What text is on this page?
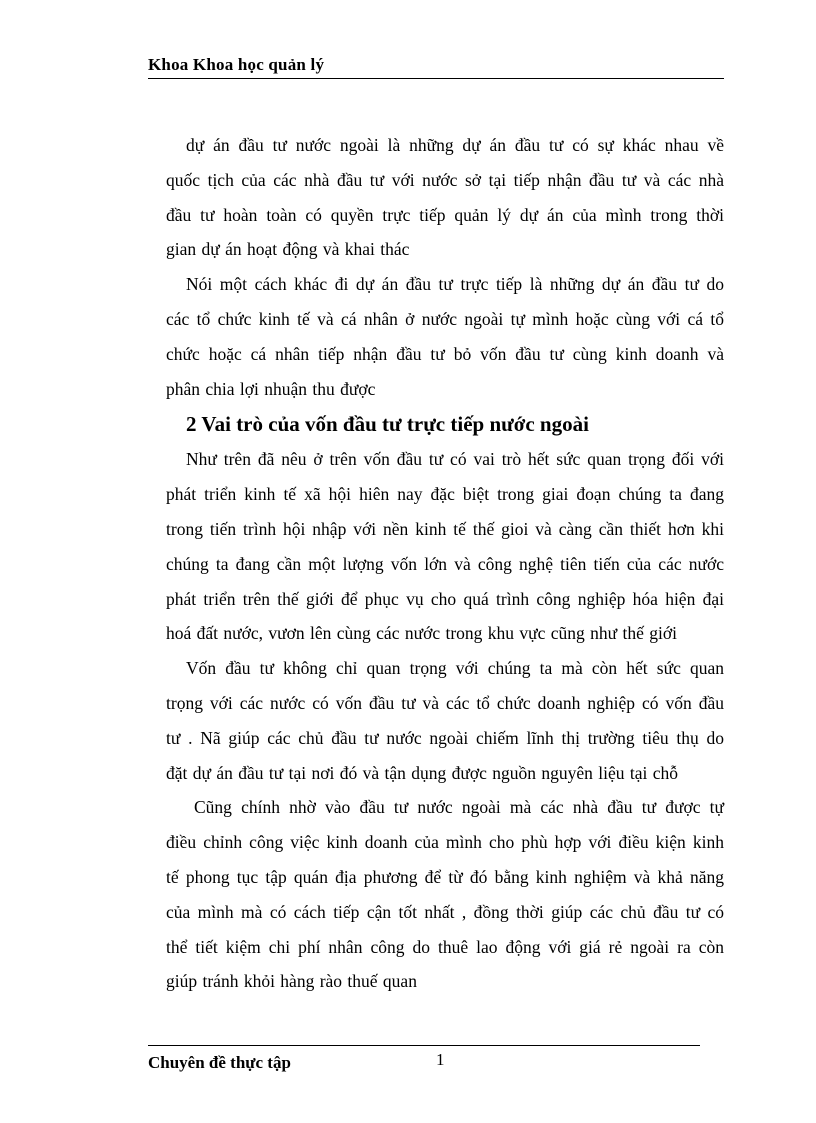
Khoa Khoa học quản lý
dự án đầu tư nước ngoài là những dự án đầu tư có sự khác nhau về
quốc tịch của các nhà đầu tư với nước sở tại tiếp nhận đầu tư và các nhà
đầu tư hoàn toàn có quyền trực tiếp quản lý dự án của mình trong thời
gian dự án hoạt động và khai thác
Nói một cách khác đi dự án đầu tư trực tiếp là những dự án đầu tư do
các tổ chức kinh tế và cá nhân ở nước ngoài tự mình hoặc cùng với cá tổ
chức hoặc cá nhân tiếp nhận đầu tư bỏ vốn đầu tư cùng kinh doanh và
phân chia lợi nhuận thu được
2 Vai trò của vốn đầu tư trực tiếp nước ngoài
Như trên đã nêu ở trên vốn đầu tư có vai trò hết sức quan trọng đối với
phát triển kinh tế xã hội hiên nay đặc biệt trong giai đoạn chúng ta đang
trong tiến trình hội nhập với nền kinh tế thế gioi và càng cần thiết hơn khi
chúng ta đang cần một lượng vốn lớn và công nghệ tiên tiến của các nước
phát triển trên thế giới để phục vụ cho quá trình công nghiệp hóa hiện đại
hoá đất nước, vươn lên cùng các nước trong khu vực cũng như thế giới
Vốn đầu tư không chỉ quan trọng với chúng ta mà còn hết sức quan
trọng với các nước có vốn đầu tư và các tổ chức doanh nghiệp có vốn đầu
tư . Nã giúp các chủ đầu tư nước ngoài chiếm lĩnh thị trường tiêu thụ do
đặt dự án đầu tư tại nơi đó và tận dụng được nguồn nguyên liệu tại chỗ
Cũng chính nhờ vào đầu tư nước ngoài mà các nhà đầu tư được tự
điều chỉnh công việc kinh doanh của mình cho phù hợp với điều kiện kinh
tế phong tục tập quán địa phương để từ đó bằng kinh nghiệm và khả năng
của mình mà có cách tiếp cận tốt nhất , đồng thời giúp các chủ đầu tư có
thể tiết kiệm chi phí nhân công do thuê lao động với giá rẻ ngoài ra còn
giúp tránh khỏi hàng rào thuế quan
Chuyên đề thực tập	1
